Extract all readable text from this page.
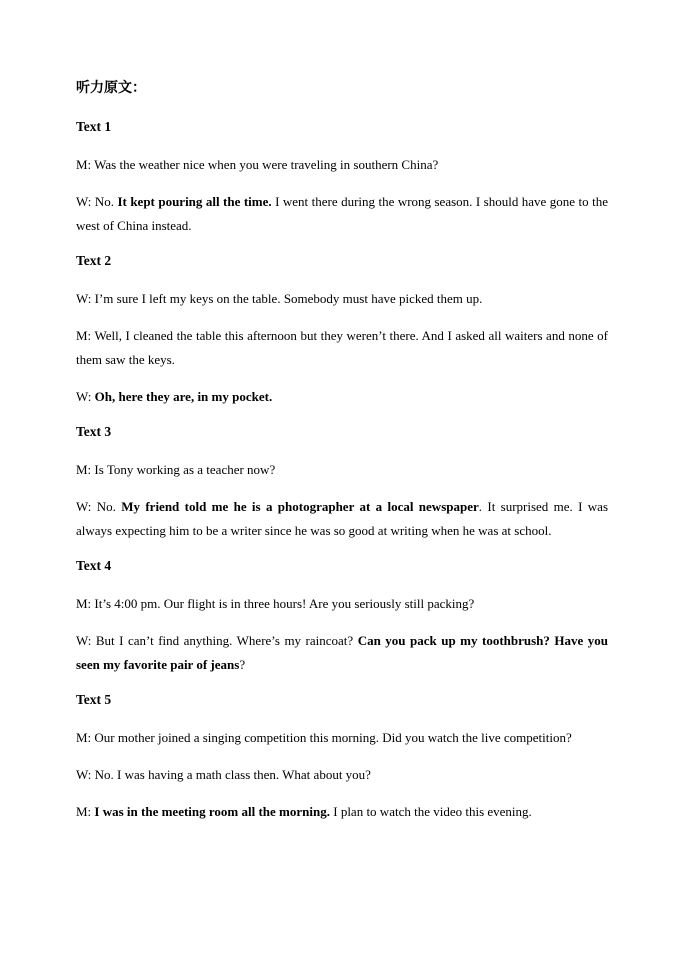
听力原文：
Text 1
M: Was the weather nice when you were traveling in southern China?
W: No. It kept pouring all the time. I went there during the wrong season. I should have gone to the west of China instead.
Text 2
W: I’m sure I left my keys on the table. Somebody must have picked them up.
M: Well, I cleaned the table this afternoon but they weren’t there. And I asked all waiters and none of them saw the keys.
W: Oh, here they are, in my pocket.
Text 3
M: Is Tony working as a teacher now?
W: No. My friend told me he is a photographer at a local newspaper. It surprised me. I was always expecting him to be a writer since he was so good at writing when he was at school.
Text 4
M: It’s 4:00 pm. Our flight is in three hours! Are you seriously still packing?
W: But I can’t find anything. Where’s my raincoat? Can you pack up my toothbrush? Have you seen my favorite pair of jeans?
Text 5
M: Our mother joined a singing competition this morning. Did you watch the live competition?
W: No. I was having a math class then. What about you?
M: I was in the meeting room all the morning. I plan to watch the video this evening.
